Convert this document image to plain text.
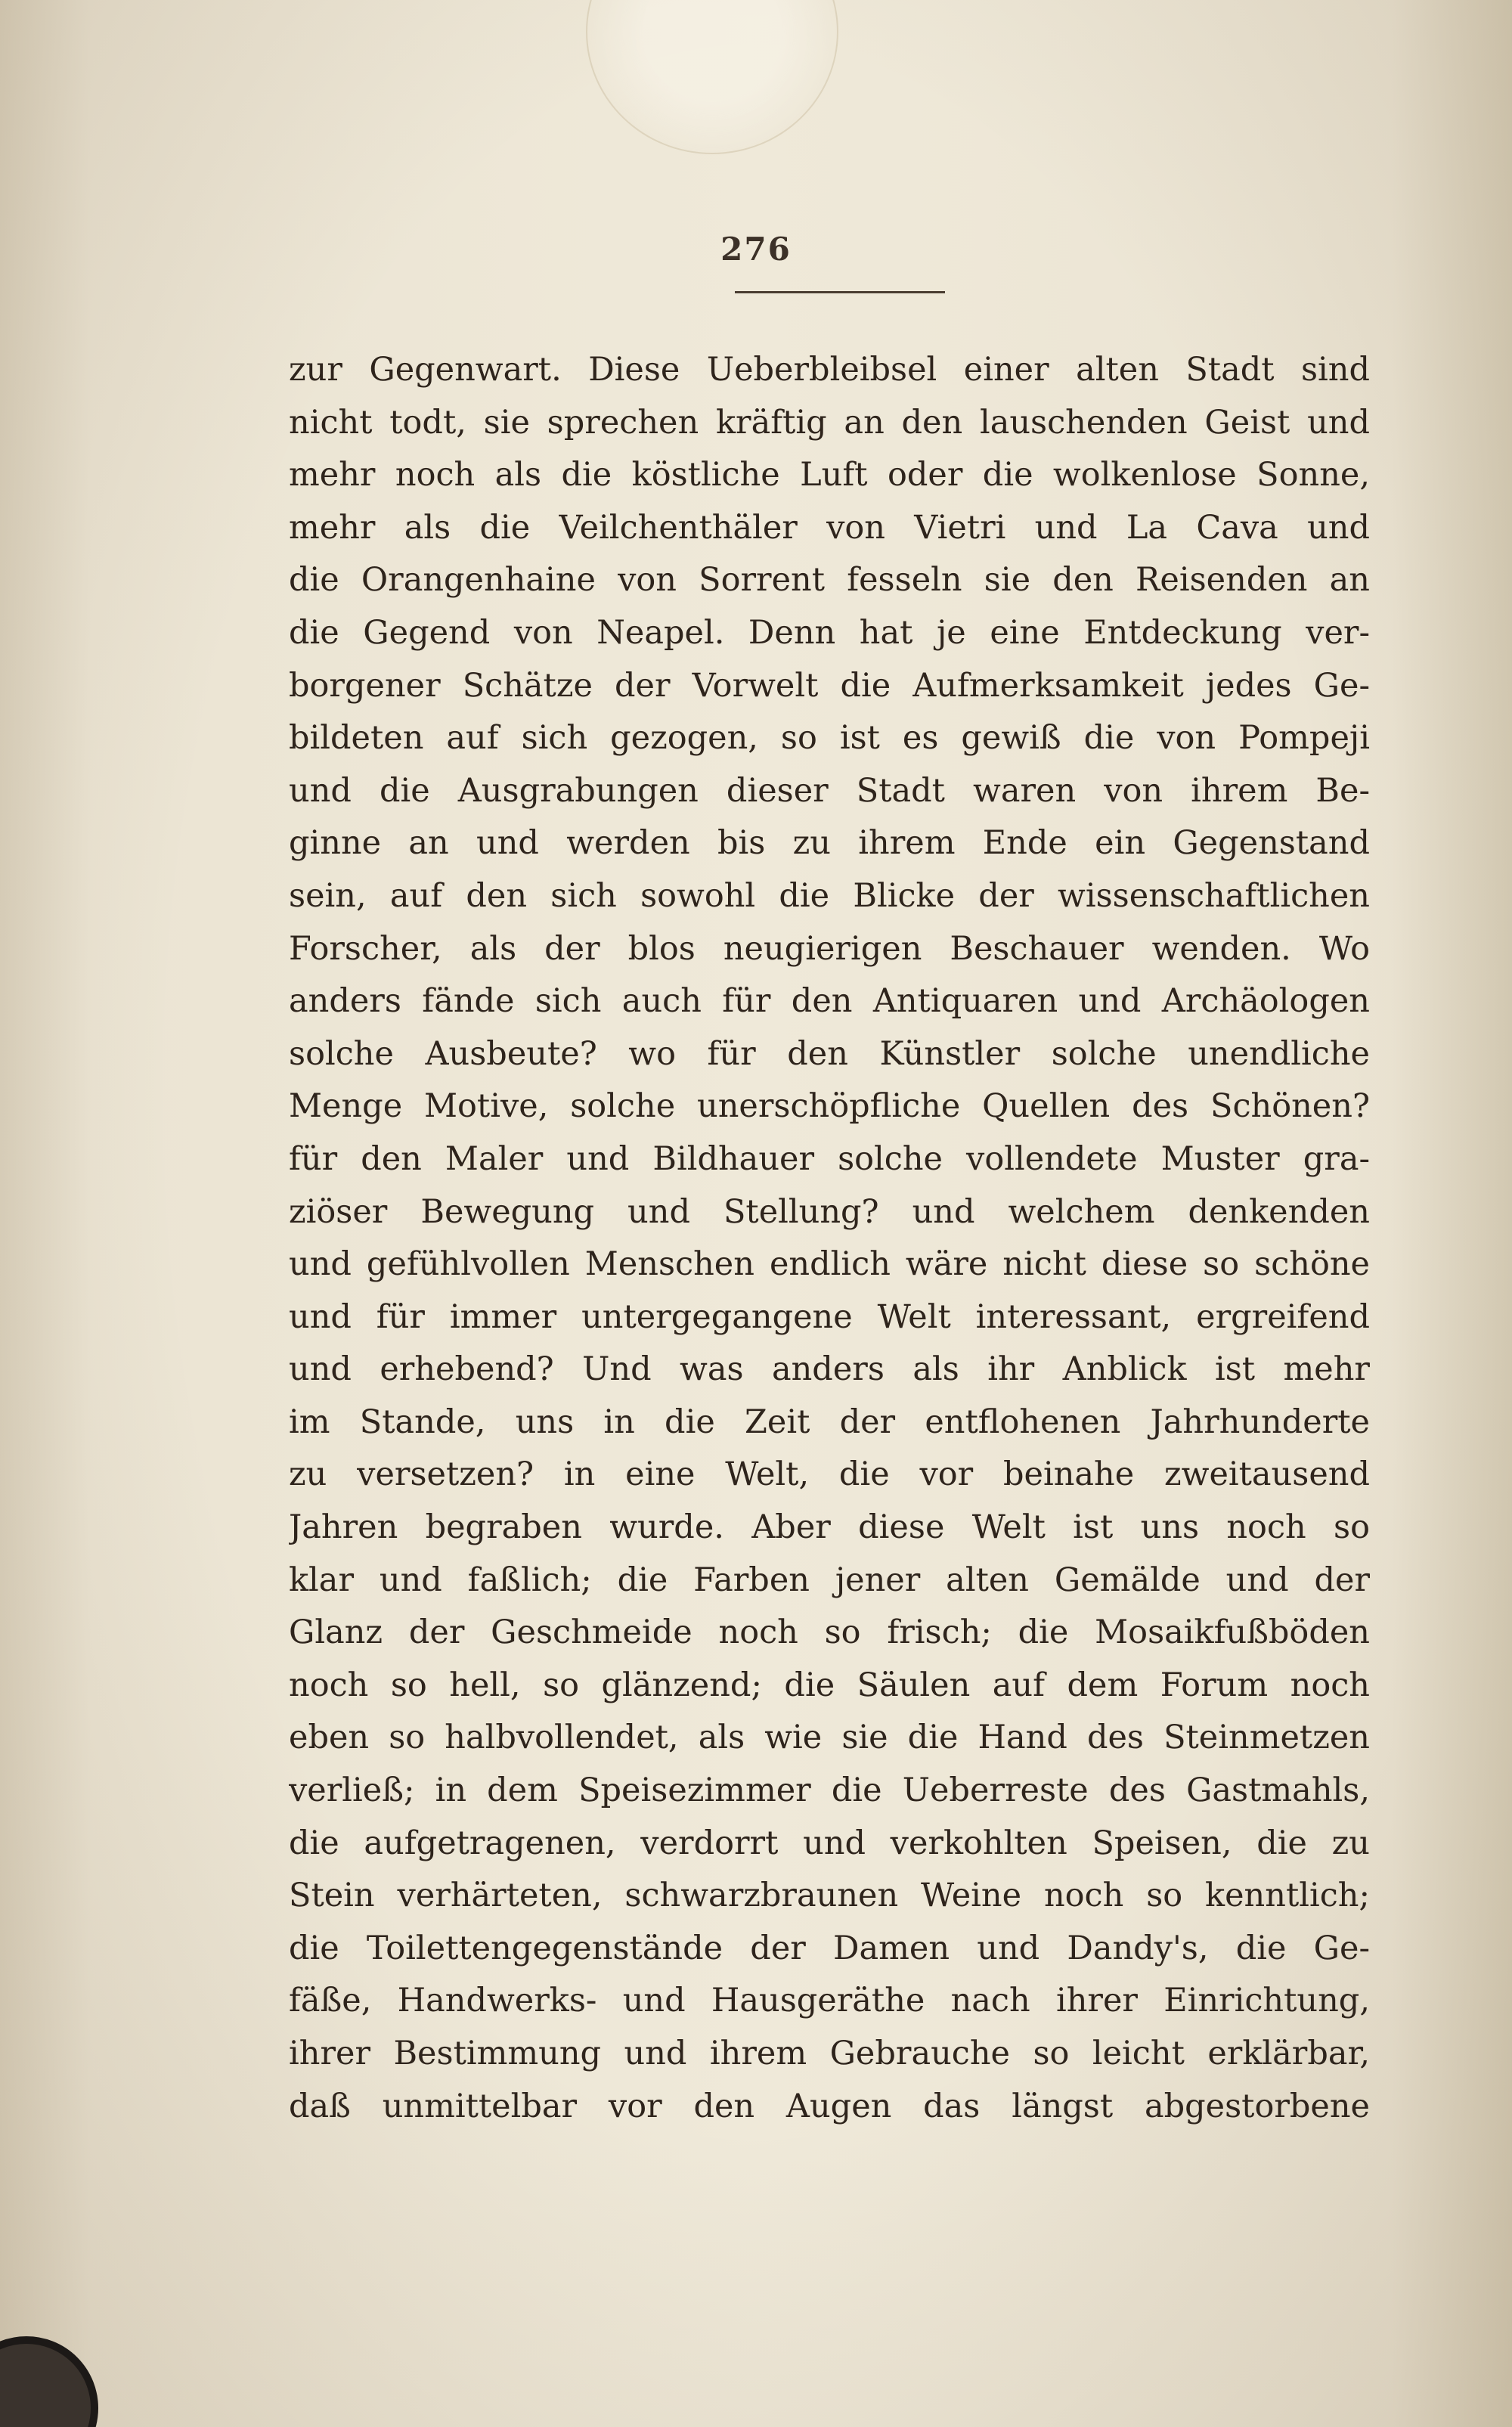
276
zur Gegenwart. Diese Ueberbleibsel einer alten Stadt sind
nicht todt, sie sprechen kräftig an den lauschenden Geist und
mehr noch als die köstliche Luft oder die wolkenlose Sonne,
mehr als die Veilchenthäler von Vietri und La Cava und
die Orangenhaine von Sorrent fesseln sie den Reisenden an
die Gegend von Neapel. Denn hat je eine Entdeckung ver-
borgener Schätze der Vorwelt die Aufmerksamkeit jedes Ge-
bildeten auf sich gezogen, so ist es gewiß die von Pompeji
und die Ausgrabungen dieser Stadt waren von ihrem Be-
ginne an und werden bis zu ihrem Ende ein Gegenstand
sein, auf den sich sowohl die Blicke der wissenschaftlichen
Forscher, als der blos neugierigen Beschauer wenden. Wo
anders fände sich auch für den Antiquaren und Archäologen
solche Ausbeute? wo für den Künstler solche unendliche
Menge Motive, solche unerschöpfliche Quellen des Schönen?
für den Maler und Bildhauer solche vollendete Muster gra-
ziöser Bewegung und Stellung? und welchem denkenden
und gefühlvollen Menschen endlich wäre nicht diese so schöne
und für immer untergegangene Welt interessant, ergreifend
und erhebend? Und was anders als ihr Anblick ist mehr
im Stande, uns in die Zeit der entflohenen Jahrhunderte
zu versetzen? in eine Welt, die vor beinahe zweitausend
Jahren begraben wurde. Aber diese Welt ist uns noch so
klar und faßlich; die Farben jener alten Gemälde und der
Glanz der Geschmeide noch so frisch; die Mosaikfußböden
noch so hell, so glänzend; die Säulen auf dem Forum noch
eben so halbvollendet, als wie sie die Hand des Steinmetzen
verließ; in dem Speisezimmer die Ueberreste des Gastmahls,
die aufgetragenen, verdorrt und verkohlten Speisen, die zu
Stein verhärteten, schwarzbraunen Weine noch so kenntlich;
die Toilettengegenstände der Damen und Dandy's, die Ge-
fäße, Handwerks- und Hausgeräthe nach ihrer Einrichtung,
ihrer Bestimmung und ihrem Gebrauche so leicht erklärbar,
daß unmittelbar vor den Augen das längst abgestorbene
